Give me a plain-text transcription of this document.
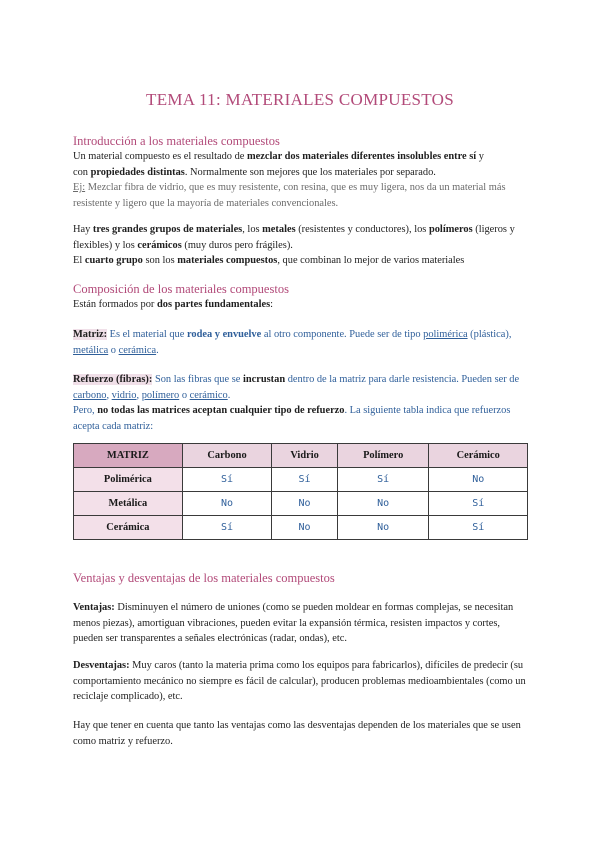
TEMA 11: MATERIALES COMPUESTOS
Introducción a los materiales compuestos
Un material compuesto es el resultado de mezclar dos materiales diferentes insolubles entre sí y
con propiedades distintas. Normalmente son mejores que los materiales por separado.
Ej: Mezclar fibra de vidrio, que es muy resistente, con resina, que es muy ligera, nos da un material más resistente y ligero que la mayoría de materiales convencionales.
Hay tres grandes grupos de materiales, los metales (resistentes y conductores), los polímeros (ligeros y flexibles) y los cerámicos (muy duros pero frágiles).
El cuarto grupo son los materiales compuestos, que combinan lo mejor de varios materiales
Composición de los materiales compuestos
Están formados por dos partes fundamentales:
Matriz: Es el material que rodea y envuelve al otro componente. Puede ser de tipo polimérica (plástica), metálica o cerámica.
Refuerzo (fibras): Son las fibras que se incrustan dentro de la matriz para darle resistencia. Pueden ser de carbono, vidrio, polímero o cerámico.
Pero, no todas las matrices aceptan cualquier tipo de refuerzo. La siguiente tabla indica que refuerzos acepta cada matriz:
MATRIZ	Carbono	Vidrio	Polímero	Cerámico
Polimérica	Sí	Sí	Sí	No
Metálica	No	No	No	Sí
Cerámica	Sí	No	No	Sí
Ventajas y desventajas de los materiales compuestos
Ventajas: Disminuyen el número de uniones (como se pueden moldear en formas complejas, se necesitan menos piezas), amortiguan vibraciones, pueden evitar la expansión térmica, resisten impactos y cortes, pueden ser transparentes a señales electrónicas (radar, ondas), etc.
Desventajas: Muy caros (tanto la materia prima como los equipos para fabricarlos), difíciles de predecir (su comportamiento mecánico no siempre es fácil de calcular), producen problemas medioambientales (como un reciclaje complicado), etc.
Hay que tener en cuenta que tanto las ventajas como las desventajas dependen de los materiales que se usen como matriz y refuerzo.
